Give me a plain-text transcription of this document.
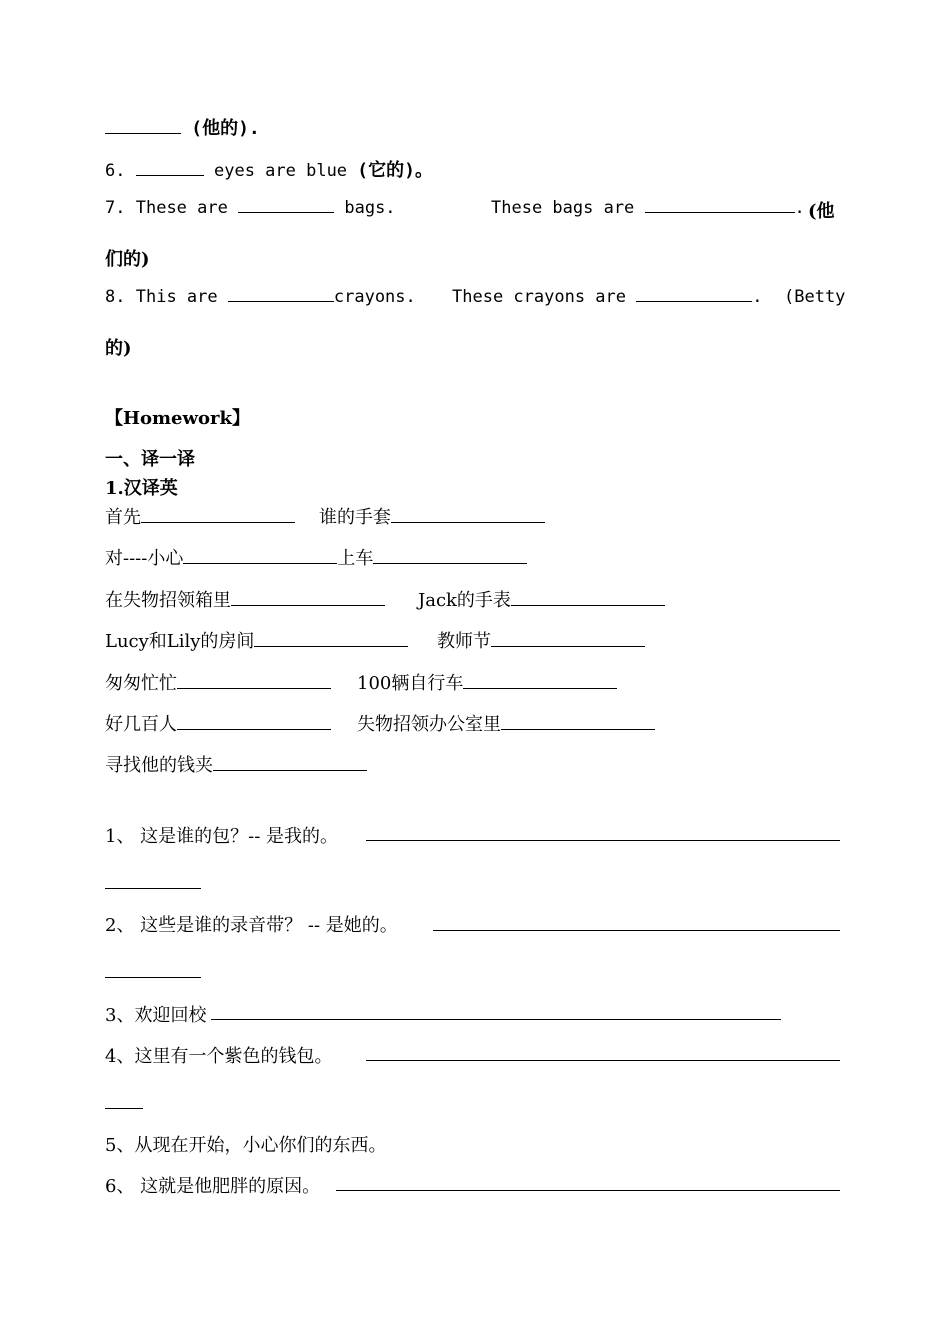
(他的).
6.	eyes are blue (它的)。
7. These are	bags.	These bags are	. (他
们的)
8. This are	crayons. These crayons are	. (Betty
的)
【Homework】
一、译一译
1.汉译英
首先	谁的手套
对----小心	上车
在失物招领箱里	Jack的手表
Lucy和Lily的房间	教师节
匆匆忙忙	100辆自行车
好几百人	失物招领办公室里
寻找他的钱夹
1、 这是谁的包？-- 是我的。
2、 这些是谁的录音带？ -- 是她的。
3、欢迎回校
4、这里有一个紫色的钱包。
5、从现在开始，小心你们的东西。
6、 这就是他肥胖的原因。
